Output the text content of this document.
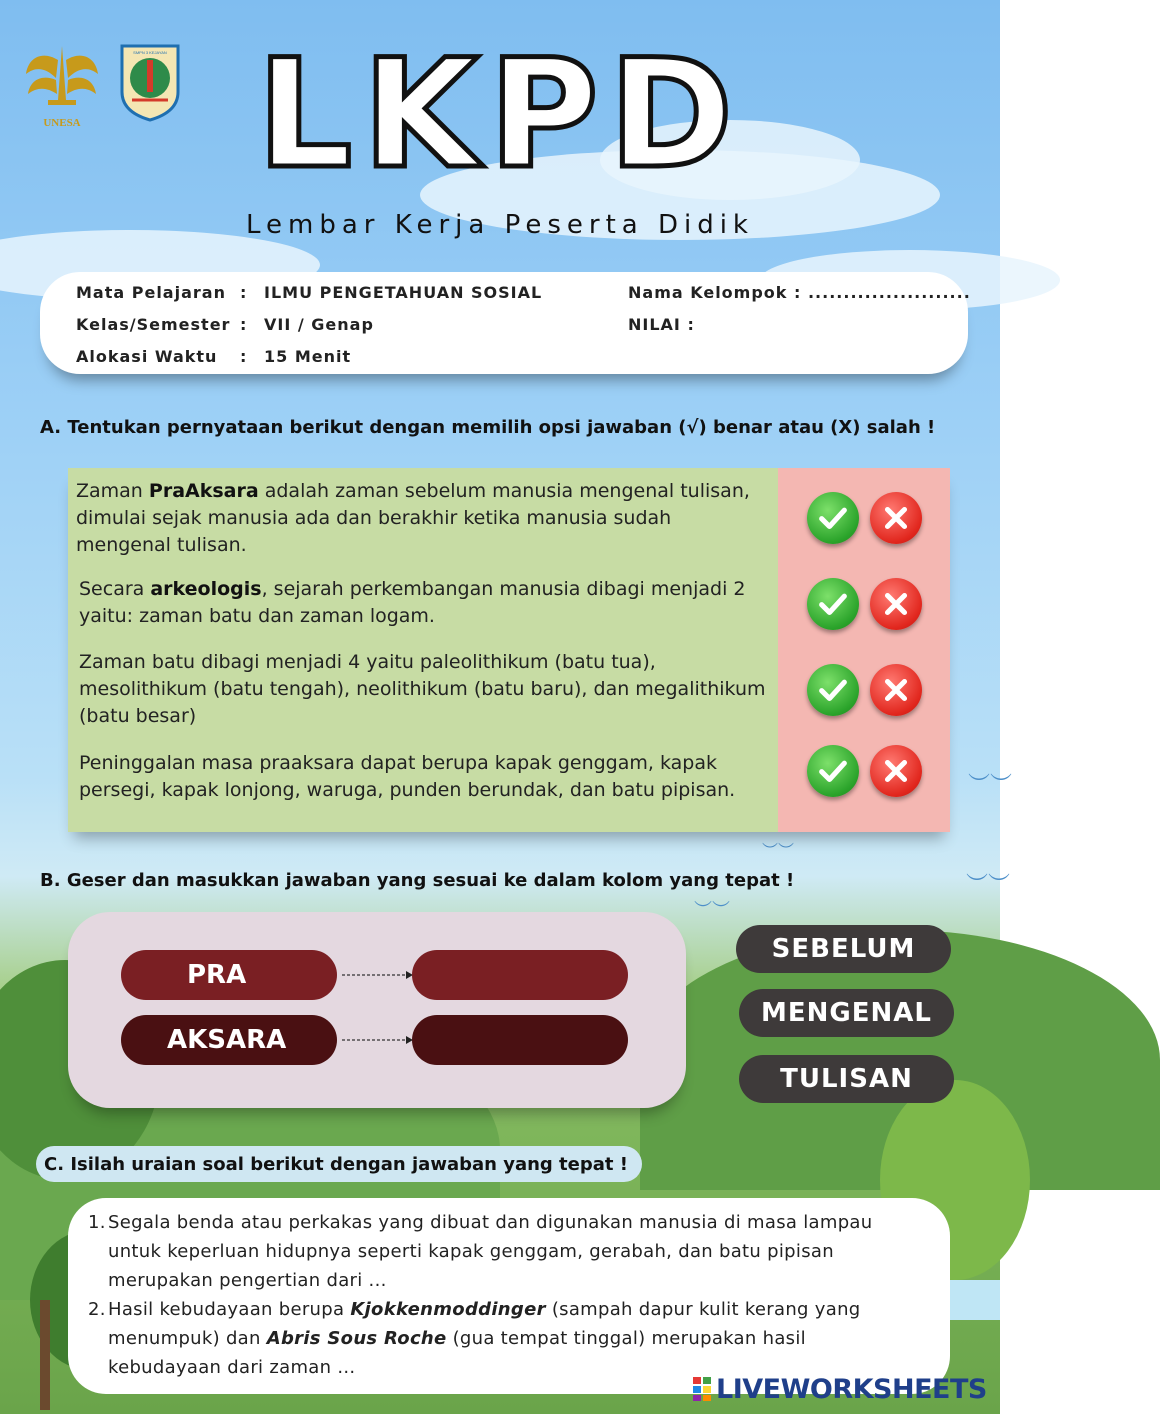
︶︶
︶︶
︶︶
︶︶
UNESA
SMPN 3 KEJAYAN LKPD
Lembar Kerja Peserta Didik
Mata Pelajaran : ILMU PENGETAHUAN SOSIAL
Kelas/Semester : VII / Genap
Alokasi Waktu : 15 Menit
Nama Kelompok : .......................
NILAI :
A. Tentukan pernyataan berikut dengan memilih opsi jawaban (√) benar atau (X) salah !
Zaman PraAksara adalah zaman sebelum manusia mengenal tulisan, dimulai sejak manusia ada dan berakhir ketika manusia sudah mengenal tulisan.
Secara arkeologis, sejarah perkembangan manusia dibagi menjadi 2 yaitu: zaman batu dan zaman logam.
Zaman batu dibagi menjadi 4 yaitu paleolithikum (batu tua), mesolithikum (batu tengah), neolithikum (batu baru), dan megalithikum (batu besar)
Peninggalan masa praaksara dapat berupa kapak genggam, kapak persegi, kapak lonjong, waruga, punden berundak, dan batu pipisan.
B. Geser dan masukkan jawaban yang sesuai ke dalam kolom yang tepat !
PRA
AKSARA
SEBELUM
MENGENAL
TULISAN
C. Isilah uraian soal berikut dengan jawaban yang tepat !
1. Segala benda atau perkakas yang dibuat dan digunakan manusia di masa lampau untuk keperluan hidupnya seperti kapak genggam, gerabah, dan batu pipisan merupakan pengertian dari ...
2. Hasil kebudayaan berupa Kjokkenmoddinger (sampah dapur kulit kerang yang menumpuk) dan Abris Sous Roche (gua tempat tinggal) merupakan hasil kebudayaan dari zaman ...
LIVEWORKSHEETS
